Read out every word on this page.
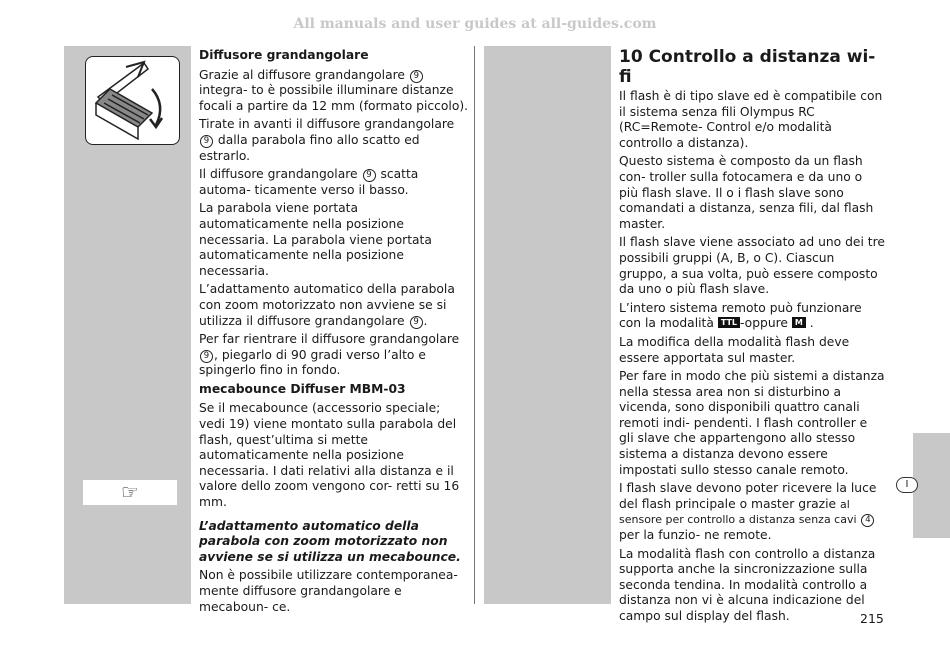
All manuals and user guides at all-guides.com
☞
Diffusore grandangolare

Grazie al diffusore grandangolare 9 integra- to è possibile illuminare distanze focali a partire da 12 mm (formato piccolo).

Tirate in avanti il diffusore grandangolare 9 dalla parabola fino allo scatto ed estrarlo.

Il diffusore grandangolare 9 scatta automa- ticamente verso il basso.

La parabola viene portata automaticamente nella posizione necessaria. La parabola viene portata automaticamente nella posizione necessaria.

L’adattamento automatico della parabola con zoom motorizzato non avviene se si utilizza il diffusore grandangolare 9 .

Per far rientrare il diffusore grandangolare 9 , piegarlo di 90 gradi verso l’alto e spingerlo fino in fondo.

mecabounce Diffuser MBM-03

Se il mecabounce (accessorio speciale; vedi 19) viene montato sulla parabola del flash, quest’ultima si mette automaticamente nella posizione necessaria. I dati relativi alla distanza e il valore dello zoom vengono cor- retti su 16 mm.

L’adattamento automatico della parabola con zoom motorizzato non avviene se si utilizza un mecabounce.

Non è possibile utilizzare contemporanea- mente diffusore grandangolare e mecaboun- ce.

10 Controllo a distanza wi-fi

Il flash è di tipo slave ed è compatibile con il sistema senza fili Olympus RC (RC=Remote- Control e/o modalità controllo a distanza).

Questo sistema è composto da un flash con- troller sulla fotocamera e da uno o più flash slave. Il o i flash slave sono comandati a distanza, senza fili, dal flash master.

Il flash slave viene associato ad uno dei tre possibili gruppi (A, B, o C). Ciascun gruppo, a sua volta, può essere composto da uno o più flash slave.

L’intero sistema remoto può funzionare con la modalità TTL -oppure M .

La modifica della modalità flash deve essere apportata sul master.

Per fare in modo che più sistemi a distanza nella stessa area non si disturbino a vicenda, sono disponibili quattro canali remoti indi- pendenti. I flash controller e gli slave che appartengono allo stesso sistema a distanza devono essere impostati sullo stesso canale remoto.

I flash slave devono poter ricevere la luce del flash principale o master grazie al sensore per controllo a distanza senza cavi 4 per la funzio- ne remote.

La modalità flash con controllo a distanza supporta anche la sincronizzazione sulla seconda tendina. In modalità controllo a distanza non vi è alcuna indicazione del campo sul display del flash.

I
215
